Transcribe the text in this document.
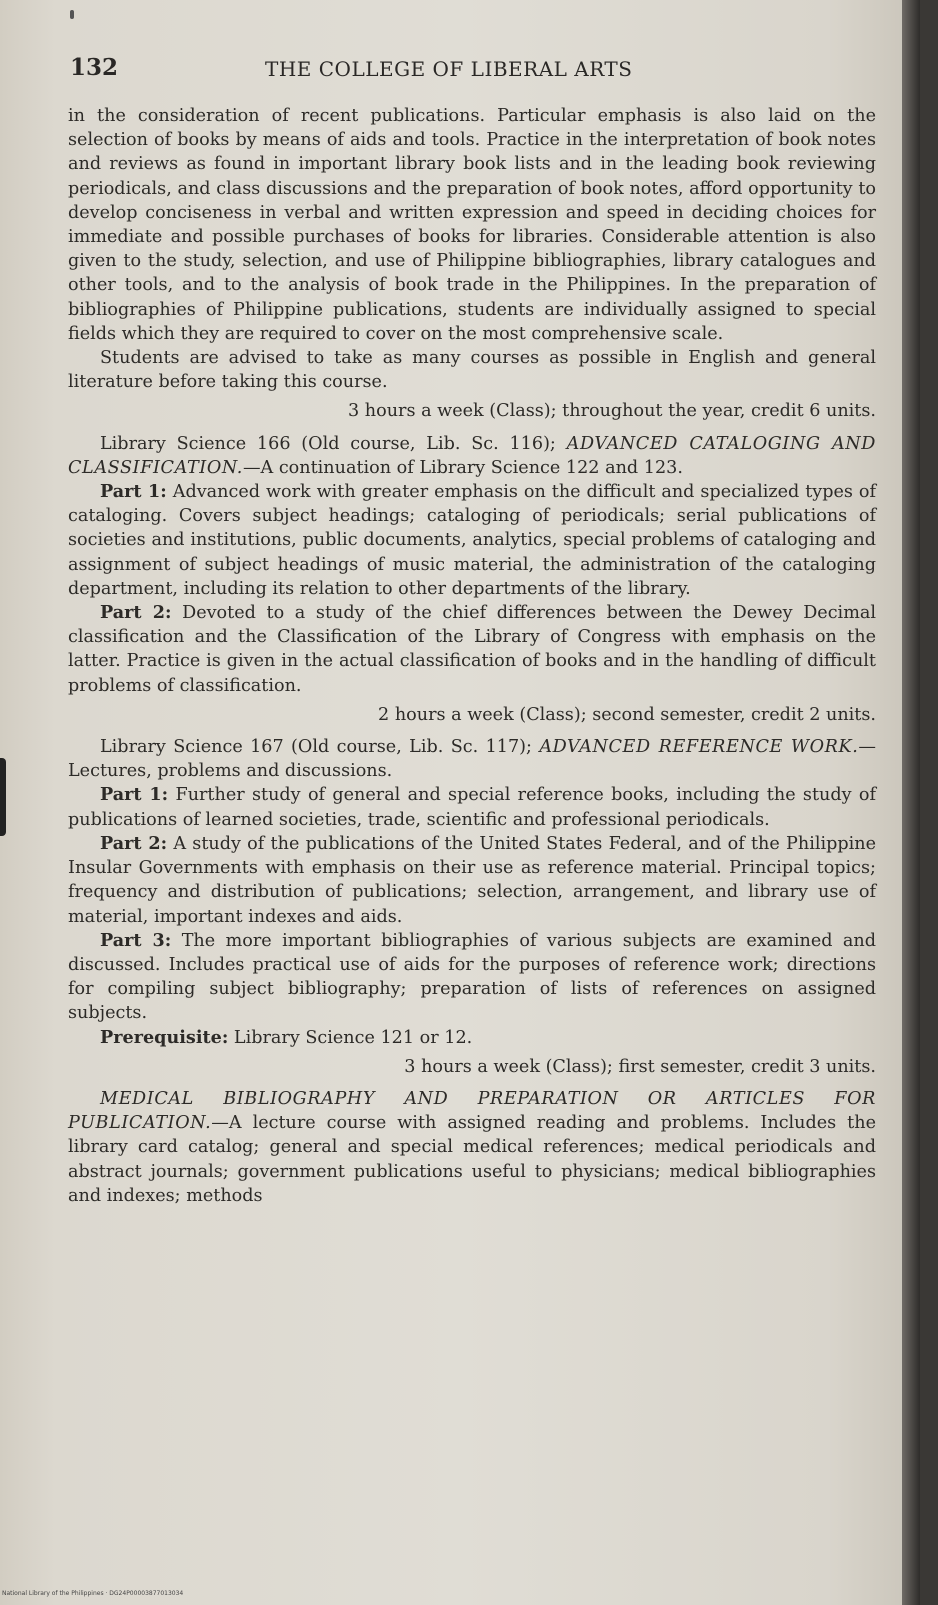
132	THE COLLEGE OF LIBERAL ARTS

in the consideration of recent publications. Particular emphasis is also laid on the selection of books by means of aids and tools. Practice in the interpretation of book notes and reviews as found in important library book lists and in the leading book reviewing periodicals, and class discussions and the preparation of book notes, afford opportunity to develop conciseness in verbal and written expression and speed in deciding choices for immediate and possible purchases of books for libraries. Considerable attention is also given to the study, selection, and use of Philippine bibliographies, library catalogues and other tools, and to the analysis of book trade in the Philippines. In the preparation of bibliographies of Philippine publications, students are individually assigned to special fields which they are required to cover on the most comprehensive scale.

Students are advised to take as many courses as possible in English and general literature before taking this course.

3 hours a week (Class); throughout the year, credit 6 units.

Library Science 166 (Old course, Lib. Sc. 116); ADVANCED CATALOGING AND CLASSIFICATION.—A continuation of Library Science 122 and 123.

Part 1: Advanced work with greater emphasis on the difficult and specialized types of cataloging. Covers subject headings; cataloging of periodicals; serial publications of societies and institutions, public documents, analytics, special problems of cataloging and assignment of subject headings of music material, the administration of the cataloging department, including its relation to other departments of the library.

Part 2: Devoted to a study of the chief differences between the Dewey Decimal classification and the Classification of the Library of Congress with emphasis on the latter. Practice is given in the actual classification of books and in the handling of difficult problems of classification.

2 hours a week (Class); second semester, credit 2 units.

Library Science 167 (Old course, Lib. Sc. 117); ADVANCED REFERENCE WORK.—Lectures, problems and discussions.

Part 1: Further study of general and special reference books, including the study of publications of learned societies, trade, scientific and professional periodicals.

Part 2: A study of the publications of the United States Federal, and of the Philippine Insular Governments with emphasis on their use as reference material. Principal topics; frequency and distribution of publications; selection, arrangement, and library use of material, important indexes and aids.

Part 3: The more important bibliographies of various subjects are examined and discussed. Includes practical use of aids for the purposes of reference work; directions for compiling subject bibliography; preparation of lists of references on assigned subjects.

Prerequisite: Library Science 121 or 12.

3 hours a week (Class); first semester, credit 3 units.

MEDICAL BIBLIOGRAPHY AND PREPARATION OR ARTICLES FOR PUBLICATION.—A lecture course with assigned reading and problems. Includes the library card catalog; general and special medical references; medical periodicals and abstract journals; government publications useful to physicians; medical bibliographies and indexes; methods

National Library of the Philippines · DG24P00003877013034
